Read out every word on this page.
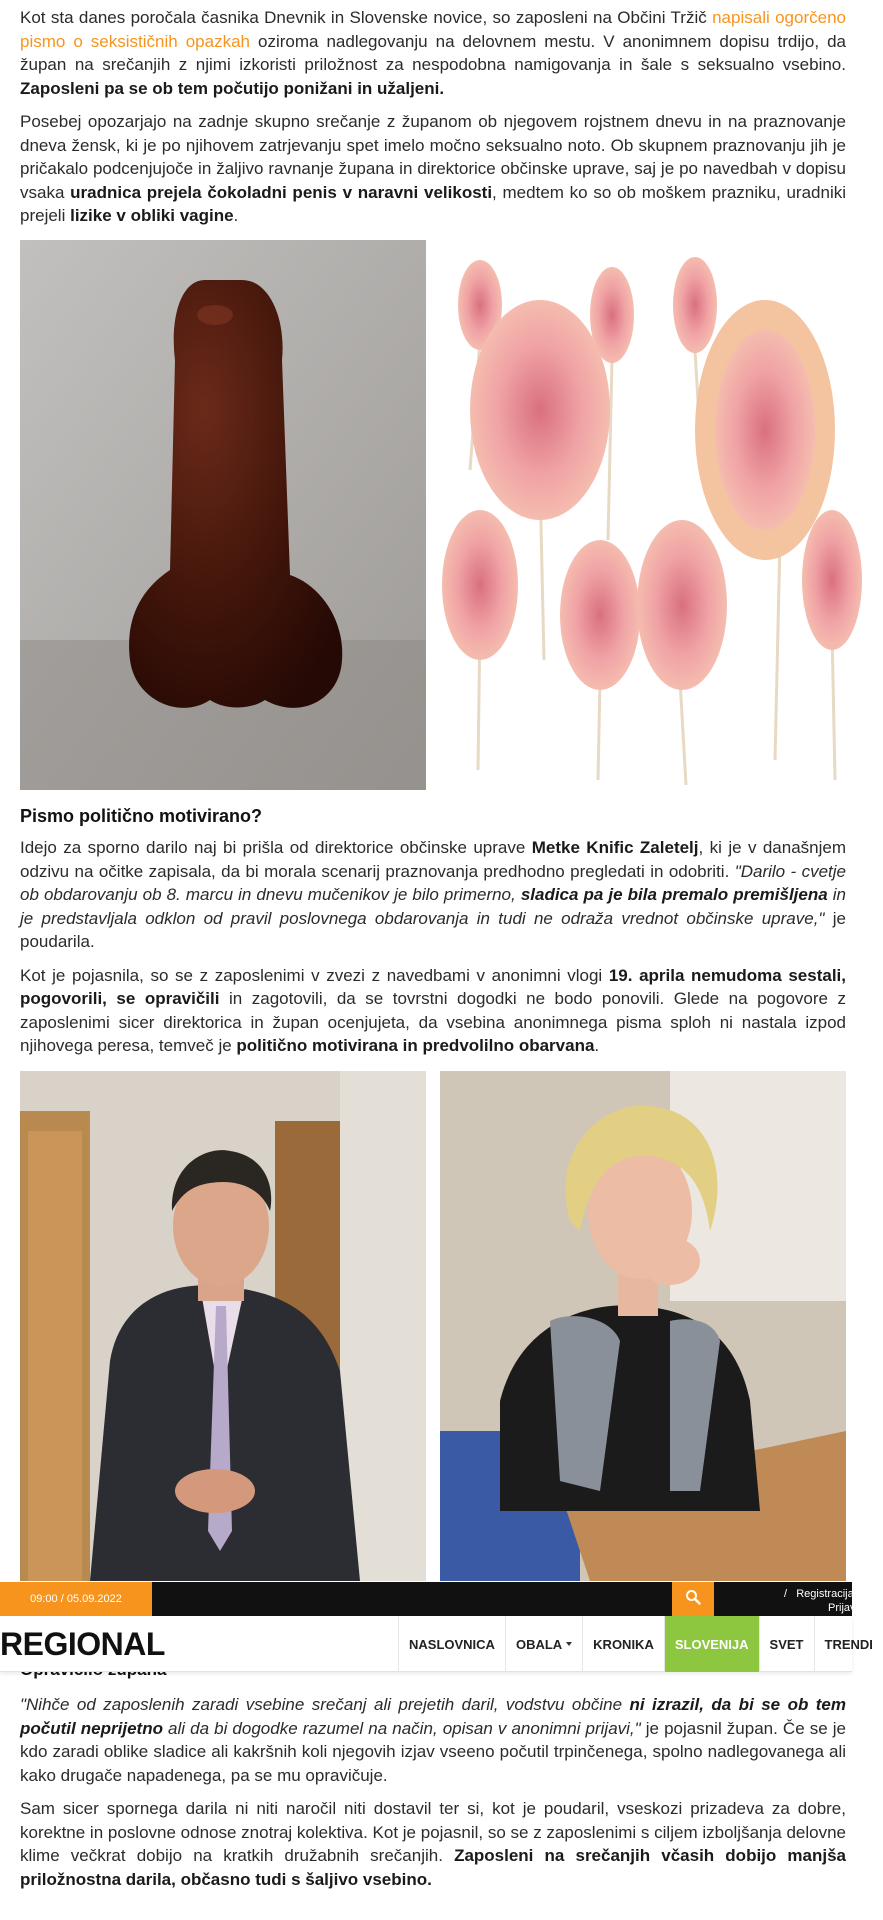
Kot sta danes poročala časnika Dnevnik in Slovenske novice, so zaposleni na Občini Tržič napisali ogorčeno pismo o seksističnih opazkah oziroma nadlegovanju na delovnem mestu. V anonimnem dopisu trdijo, da župan na srečanjih z njimi izkoristi priložnost za nespodobna namigovanja in šale s seksualno vsebino. Zaposleni pa se ob tem počutijo ponižani in užaljeni.

Posebej opozarjajo na zadnje skupno srečanje z županom ob njegovem rojstnem dnevu in na praznovanje dneva žensk, ki je po njihovem zatrjevanju spet imelo močno seksualno noto. Ob skupnem praznovanju jih je pričakalo podcenjujoče in žaljivo ravnanje župana in direktorice občinske uprave, saj je po navedbah v dopisu vsaka uradnica prejela čokoladni penis v naravni velikosti, medtem ko so ob moškem prazniku, uradniki prejeli lizike v obliki vagine.

Pismo politično motivirano?

Idejo za sporno darilo naj bi prišla od direktorice občinske uprave Metke Knific Zaletelj, ki je v današnjem odzivu na očitke zapisala, da bi morala scenarij praznovanja predhodno pregledati in odobriti. "Darilo - cvetje ob obdarovanju ob 8. marcu in dnevu mučenikov je bilo primerno, sladica pa je bila premalo premišljena in je predstavljala odklon od pravil poslovnega obdarovanja in tudi ne odraža vrednot občinske uprave," je poudarila.

Kot je pojasnila, so se z zaposlenimi v zvezi z navedbami v anonimni vlogi 19. aprila nemudoma sestali, pogovorili, se opravičili in zagotovili, da se tovrstni dogodki ne bodo ponovili. Glede na pogovore z zaposlenimi sicer direktorica in župan ocenjujeta, da vsebina anonimnega pisma sploh ni nastala izpod njihovega peresa, temveč je politično motivirana in predvolilno obarvana.

"Nihče od zaposlenih zaradi vsebine srečanj ali prejetih daril, vodstvu občine ni izrazil, da bi se ob tem počutil neprijetno ali da bi dogodke razumel na način, opisan v anonimni prijavi," je pojasnil župan. Če se je kdo zaradi oblike sladice ali kakršnih koli njegovih izjav vseeno počutil trpinčenega, spolno nadlegovanega ali kako drugače napadenega, pa se mu opravičuje.

Sam sicer spornega darila ni niti naročil niti dostavil ter si, kot je poudaril, vseskozi prizadeva za dobre, korektne in poslovne odnose znotraj kolektiva. Kot je pojasnil, so se z zaposlenimi s ciljem izboljšanja delovne klime večkrat dobijo na kratkih družabnih srečanjih. Zaposleni na srečanjih včasih dobijo manjša priložnostna darila, občasno tudi s šaljivo vsebino.

09:00 / 05.09.2022	/ Registracija
Prijava
REGIONAL	NASLOVNICA	OBALA	KRONIKA	SLOVENIJA	SVET	TRENDI
